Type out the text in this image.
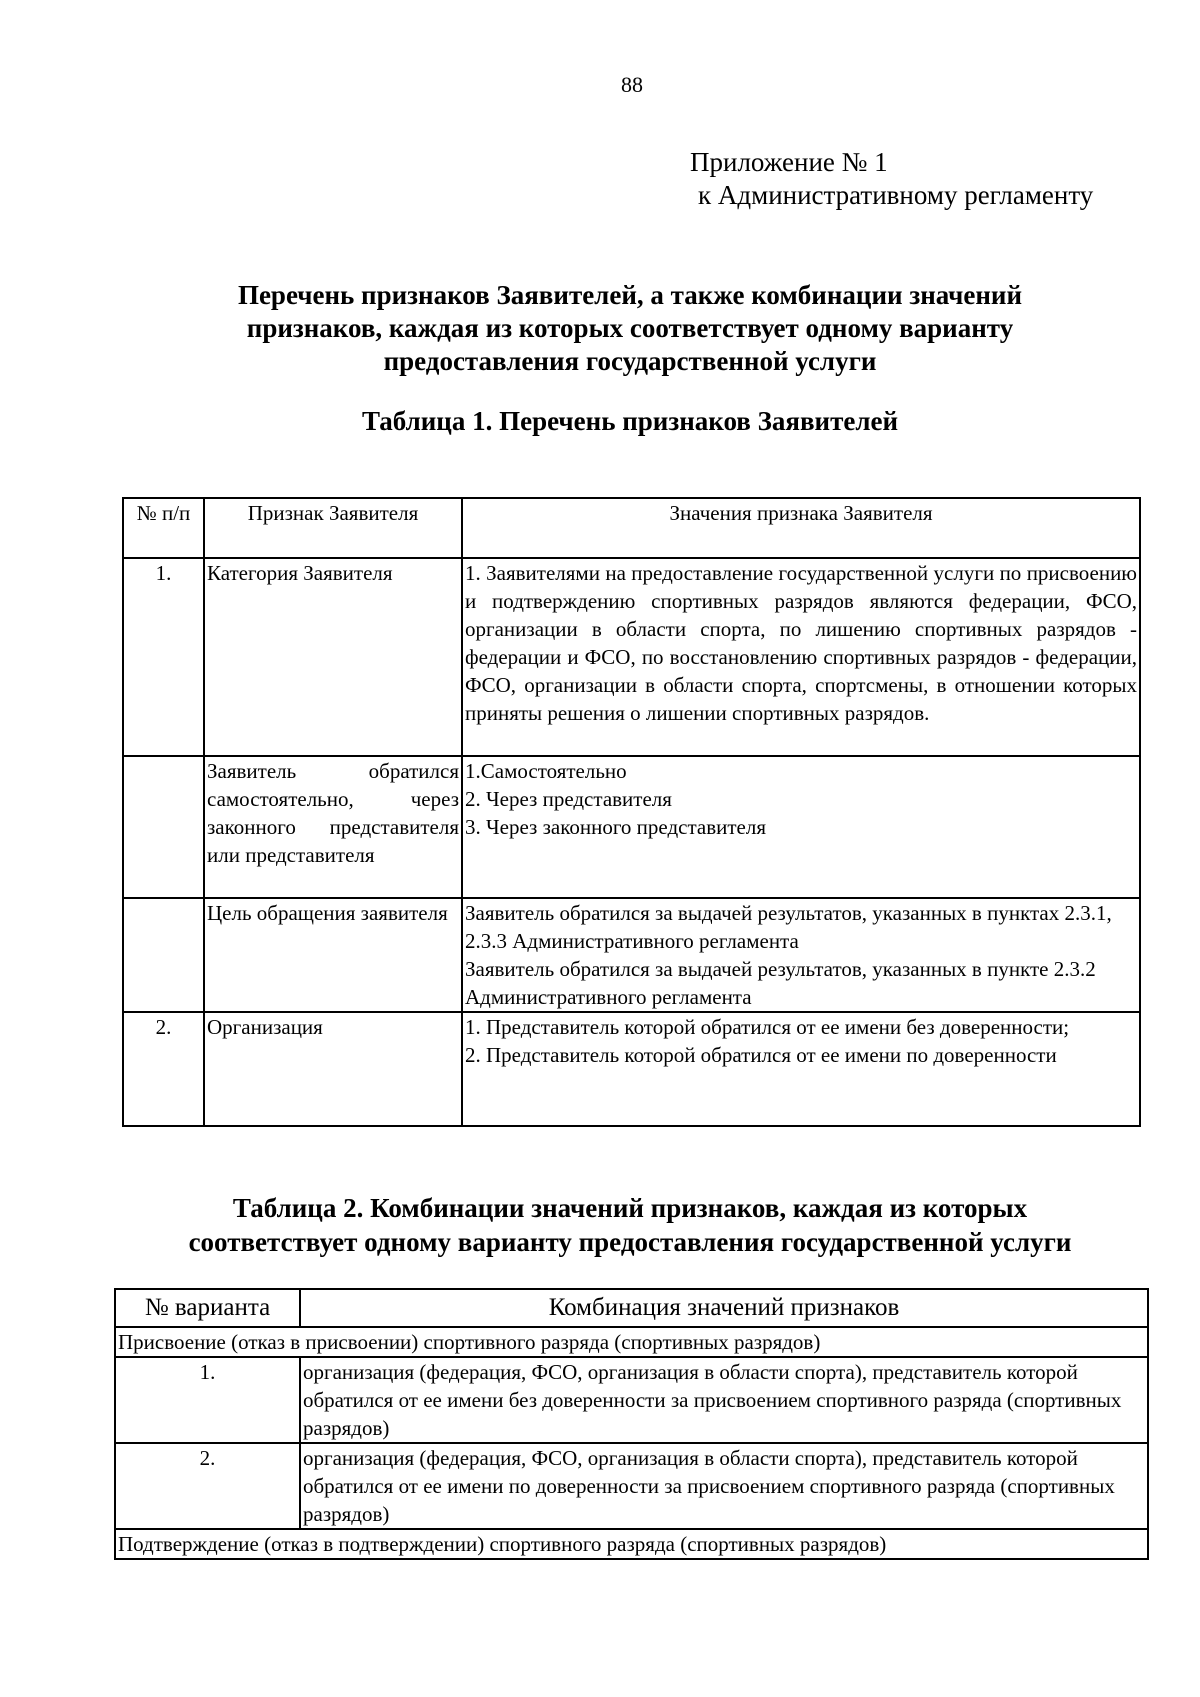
88
Приложение № 1
к Административному регламенту
Перечень признаков Заявителей, а также комбинации значений
признаков, каждая из которых соответствует одному варианту
предоставления государственной услуги
Таблица 1. Перечень признаков Заявителей
№ п/п	Признак Заявителя	Значения признака Заявителя
1.	Категория Заявителя	1. Заявителями на предоставление государственной услуги по присвоению и подтверждению спортивных разрядов являются федерации, ФСО, организации в области спорта, по лишению спортивных разрядов - федерации и ФСО, по восстановлению спортивных разрядов - федерации, ФСО, организации в области спорта, спортсмены, в отношении которых приняты решения о лишении спортивных разрядов.
	Заявитель обратился самостоятельно, через законного представителя или представителя	1.Самостоятельно
2. Через представителя
3. Через законного представителя

	Цель обращения заявителя	Заявитель обратился за выдачей результатов, указанных в пунктах 2.3.1, 2.3.3 Административного регламента
Заявитель обратился за выдачей результатов, указанных в пункте 2.3.2 Административного регламента

2.	Организация	1. Представитель которой обратился от ее имени без доверенности;
2. Представитель которой обратился от ее имени по доверенности
Таблица 2. Комбинации значений признаков, каждая из которых
соответствует одному варианту предоставления государственной услуги
№ варианта	Комбинация значений признаков
Присвоение (отказ в присвоении) спортивного разряда (спортивных разрядов)	
1.	организация (федерация, ФСО, организация в области спорта), представитель которой обратился от ее имени без доверенности за присвоением спортивного разряда (спортивных разрядов)
2.	организация (федерация, ФСО, организация в области спорта), представитель которой обратился от ее имени по доверенности за присвоением спортивного разряда (спортивных разрядов)
Подтверждение (отказ в подтверждении) спортивного разряда (спортивных разрядов)	
